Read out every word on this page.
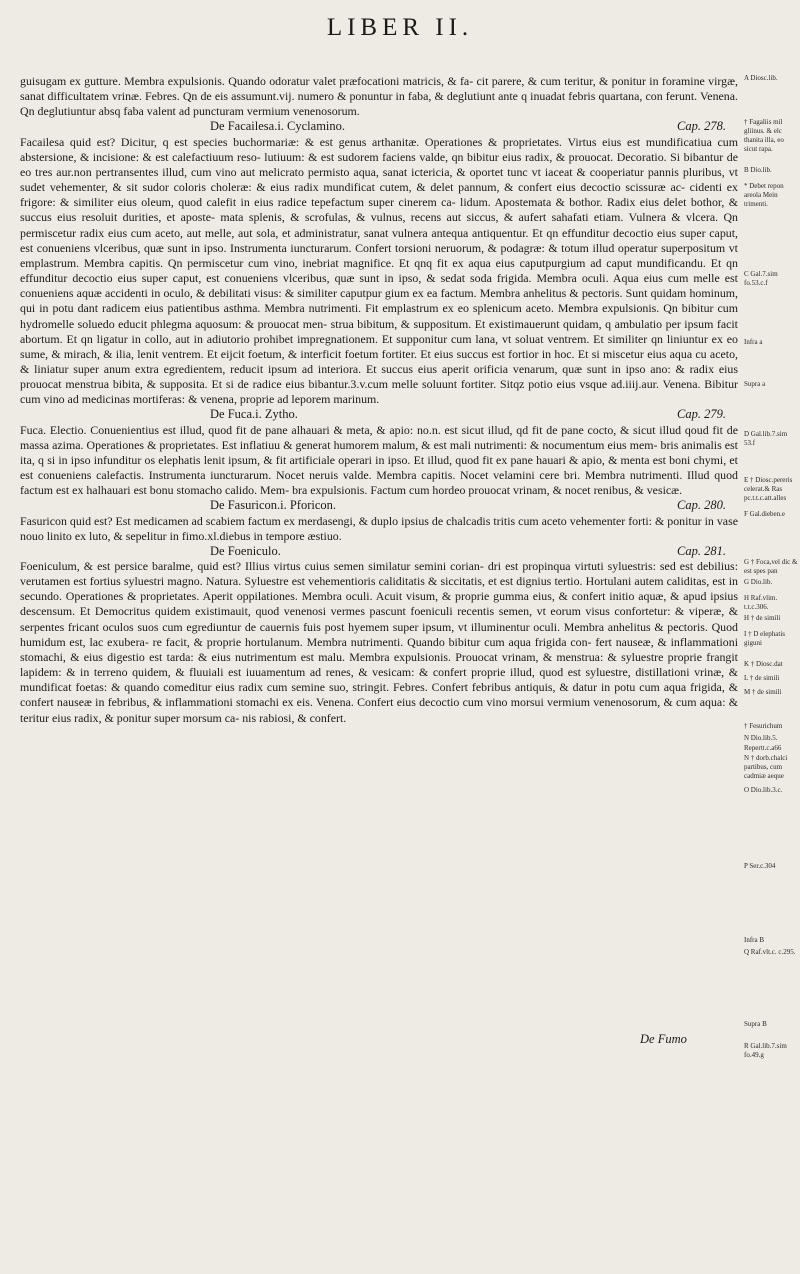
LIBER II.

guisugam ex gutture. Membra expulsionis. Quando odoratur valet præfocationi matricis, & fa- cit parere, & cum teritur, & ponitur in foramine virgæ, sanat difficultatem vrinæ. Febres. Qn de eis assumunt.vij. numero & ponuntur in faba, & deglutiunt ante q inuadat febris quartana, con ferunt. Venena. Qn deglutiuntur absq faba valent ad puncturam vermium venenosorum.

De Facailesa.i. Cyclamino.	Cap. 278.

Facailesa quid est? Dicitur, q est species buchormariæ: & est genus arthanitæ. Operationes & proprietates. Virtus eius est mundificatiua cum abstersione, & incisione: & est calefactiuum reso- lutiuum: & est sudorem faciens valde, qn bibitur eius radix, & prouocat. Decoratio. Si bibantur de eo tres aur.non pertransentes illud, cum vino aut melicrato permisto aqua, sanat ictericia, & oportet tunc vt iaceat & cooperiatur pannis pluribus, vt sudet vehementer, & sit sudor coloris choleræ: & eius radix mundificat cutem, & delet pannum, & confert eius decoctio scissuræ ac- cidenti ex frigore: & similiter eius oleum, quod calefit in eius radice tepefactum super cinerem ca- lidum. Apostemata & bothor. Radix eius delet bothor, & succus eius resoluit durities, et aposte- mata splenis, & scrofulas, & vulnus, recens aut siccus, & aufert sahafati etiam. Vulnera & vlcera. Qn permiscetur radix eius cum aceto, aut melle, aut sola, et administratur, sanat vulnera antequa antiquentur. Et qn effunditur decoctio eius super caput, est conueniens vlceribus, quæ sunt in ipso. Instrumenta iuncturarum. Confert torsioni neruorum, & podagræ: & totum illud operatur superpositum vt emplastrum. Membra capitis. Qn permiscetur cum vino, inebriat magnifice. Et qnq fit ex aqua eius caputpurgium ad caput mundificandu. Et qn effunditur decoctio eius super caput, est conueniens vlceribus, quæ sunt in ipso, & sedat soda frigida. Membra oculi. Aqua eius cum melle est conueniens aquæ accidenti in oculo, & debilitati visus: & similiter caputpur gium ex ea factum. Membra anhelitus & pectoris. Sunt quidam hominum, qui in potu dant radicem eius patientibus asthma. Membra nutrimenti. Fit emplastrum ex eo splenicum aceto. Membra expulsionis. Qn bibitur cum hydromelle soluedo educit phlegma aquosum: & prouocat men- strua bibitum, & suppositum. Et existimauerunt quidam, q ambulatio per ipsum facit abortum. Et qn ligatur in collo, aut in adiutorio prohibet impregnationem. Et supponitur cum lana, vt soluat ventrem. Et similiter qn liniuntur ex eo sume, & mirach, & ilia, lenit ventrem. Et eijcit foetum, & interficit foetum fortiter. Et eius succus est fortior in hoc. Et si miscetur eius aqua cu aceto, & liniatur super anum extra egredientem, reducit ipsum ad interiora. Et succus eius aperit orificia venarum, quæ sunt in ipso ano: & radix eius prouocat menstrua bibita, & supposita. Et si de radice eius bibantur.3.v.cum melle soluunt fortiter. Sitqz potio eius vsque ad.iiij.aur. Venena. Bibitur cum vino ad medicinas mortiferas: & venena, proprie ad leporem marinum.

De Fuca.i. Zytho.	Cap. 279.

Fuca. Electio. Conuenientius est illud, quod fit de pane alhauari & meta, & apio: no.n. est sicut illud, qd fit de pane cocto, & sicut illud qoud fit de massa azima. Operationes & proprietates. Est inflatiuu & generat humorem malum, & est mali nutrimenti: & nocumentum eius mem- bris animalis est ita, q si in ipso infunditur os elephatis lenit ipsum, & fit artificiale operari in ipso. Et illud, quod fit ex pane hauari & apio, & menta est boni chymi, et est conueniens calefactis. Instrumenta iuncturarum. Nocet neruis valde. Membra capitis. Nocet velamini cere bri. Membra nutrimenti. Illud quod factum est ex halhauari est bonu stomacho calido. Mem- bra expulsionis. Factum cum hordeo prouocat vrinam, & nocet renibus, & vesicæ.

De Fasuricon.i. Pforicon.	Cap. 280.

Fasuricon quid est? Est medicamen ad scabiem factum ex merdasengi, & duplo ipsius de chalcadis tritis cum aceto vehementer forti: & ponitur in vase nouo linito ex luto, & sepelitur in fimo.xl.diebus in tempore æstiuo.

De Foeniculo.	Cap. 281.

Foeniculum, & est persice baralme, quid est? Illius virtus cuius semen similatur semini corian- dri est propinqua virtuti syluestris: sed est debilius: verutamen est fortius syluestri magno. Natura. Syluestre est vehementioris caliditatis & siccitatis, et est dignius tertio. Hortulani autem caliditas, est in secundo. Operationes & proprietates. Aperit oppilationes. Membra oculi. Acuit visum, & proprie gumma eius, & confert initio aquæ, & apud ipsius descensum. Et Democritus quidem existimauit, quod venenosi vermes pascunt foeniculi recentis semen, vt eorum visus confortetur: & viperæ, & serpentes fricant oculos suos cum egrediuntur de cauernis fuis post hyemem super ipsum, vt illuminentur oculi. Membra anhelitus & pectoris. Quod humidum est, lac exubera- re facit, & proprie hortulanum. Membra nutrimenti. Quando bibitur cum aqua frigida con- fert nauseæ, & inflammationi stomachi, & eius digestio est tarda: & eius nutrimentum est malu. Membra expulsionis. Prouocat vrinam, & menstrua: & syluestre proprie frangit lapidem: & in terreno quidem, & fluuiali est iuuamentum ad renes, & vesicam: & confert proprie illud, quod est syluestre, distillationi vrinæ, & mundificat foetas: & quando comeditur eius radix cum semine suo, stringit. Febres. Confert febribus antiquis, & datur in potu cum aqua frigida, & confert nauseæ in febribus, & inflammationi stomachi ex eis. Venena. Confert eius decoctio cum vino morsui vermium venenosorum, & cum aqua: & teritur eius radix, & ponitur super morsum ca- nis rabiosi, & confert.

A Diosc.lib.
† Fagaliis mil gliinus. & elc thanita illa, eo sicut rapa.
B Dio.lib.
* Debet repon areola Mein trimenti.
C Gal.7.sim fo.53.c.f
Infra a
Supra a
D Gal.lib.7.sim 53.f
E † Diosc.pereris celerat.& Ras pc.t.t.c.att.alles
F Gal.dieben.e
G † Foca,vel dic & est spes pan
G Dio.lib.
H Raf.vlim. t.t.c.306.
H † de simili
I † D elephatis giguni
K † Diosc.dat
L † de simili
M † de simili
† Fesurichum
N Dio.lib.5.
Repertt.c.a66
N † dorb.chalci partibus, cum cadmiæ aeque
O Dio.lib.3.c.
P Ser.c.304
Infra B
Q Raf.vlt.c. c.295.
Supra B
R Gal.lib.7.sim fo.49.g
De Fumo
